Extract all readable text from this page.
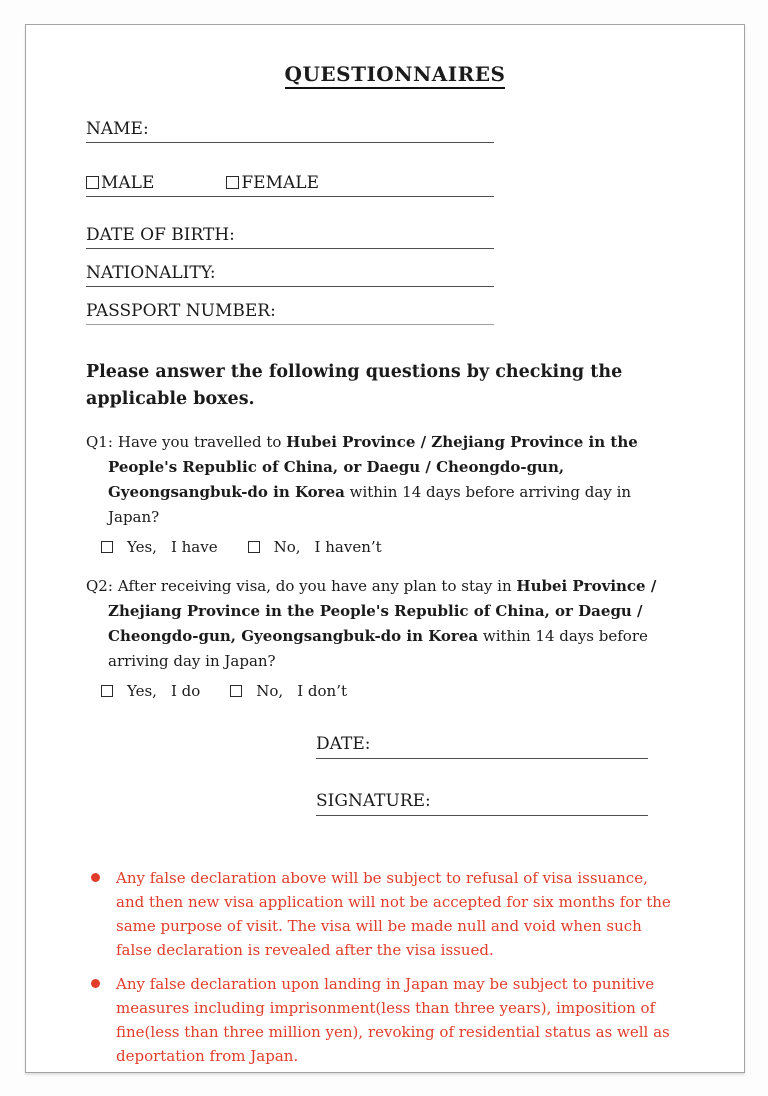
QUESTIONNAIRES
NAME:
MALE	FEMALE
DATE OF BIRTH:
NATIONALITY:
PASSPORT NUMBER:
Please answer the following questions by checking the applicable boxes.
Q1: Have you travelled to Hubei Province / Zhejiang Province in the People's Republic of China, or Daegu / Cheongdo-gun, Gyeongsangbuk-do in Korea within 14 days before arriving day in Japan?
Yes, I have	No, I haven’t
Q2: After receiving visa, do you have any plan to stay in Hubei Province / Zhejiang Province in the People's Republic of China, or Daegu / Cheongdo-gun, Gyeongsangbuk-do in Korea within 14 days before arriving day in Japan?
Yes, I do	No, I don’t
DATE:
SIGNATURE:
Any false declaration above will be subject to refusal of visa issuance, and then new visa application will not be accepted for six months for the same purpose of visit. The visa will be made null and void when such false declaration is revealed after the visa issued.
Any false declaration upon landing in Japan may be subject to punitive measures including imprisonment(less than three years), imposition of fine(less than three million yen), revoking of residential status as well as deportation from Japan.
